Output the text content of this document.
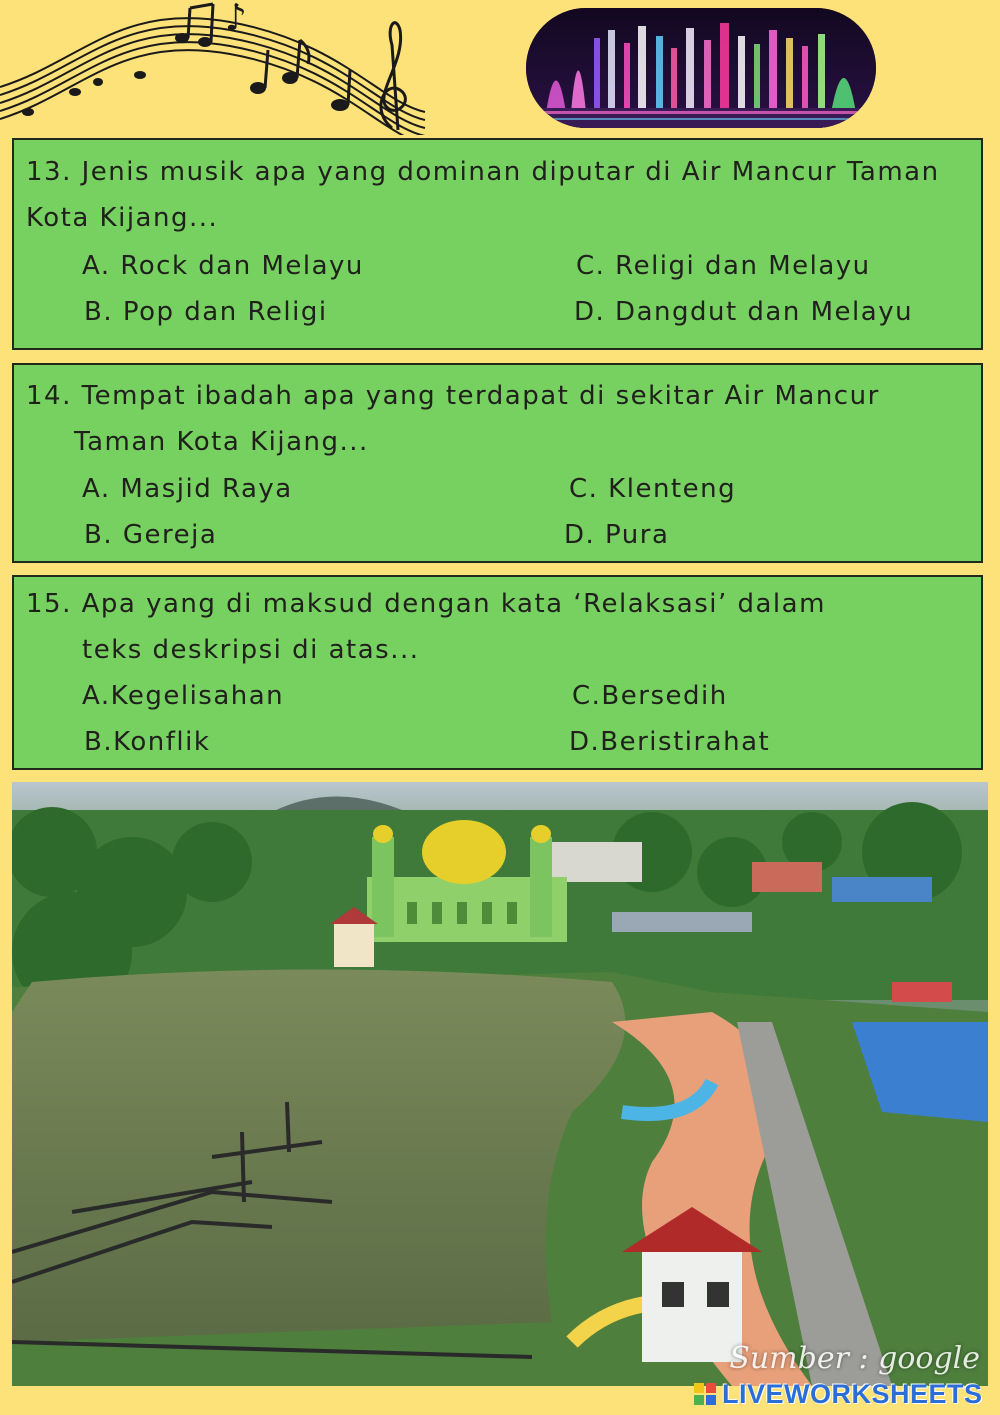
♪
13. Jenis musik apa yang dominan diputar di Air Mancur Taman Kota Kijang...
A. Rock dan Melayu	C. Religi dan Melayu
B. Pop dan Religi	D. Dangdut dan Melayu
14. Tempat ibadah apa yang terdapat di sekitar Air Mancur
Taman Kota Kijang...
A. Masjid Raya	C. Klenteng
B. Gereja	D. Pura
15. Apa yang di maksud dengan kata ‘Relaksasi’ dalam
teks deskripsi di atas...
A.Kegelisahan	C.Bersedih
B.Konflik	D.Beristirahat
Sumber : google
LIVEWORKSHEETS
